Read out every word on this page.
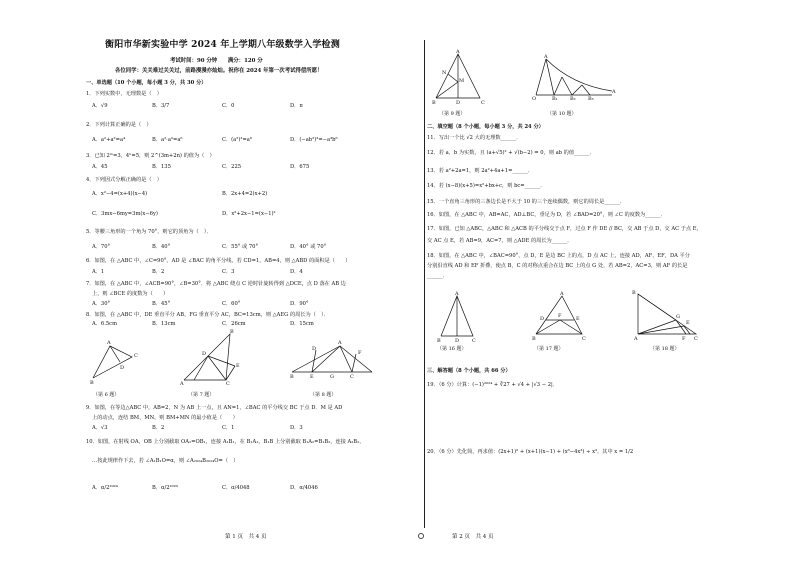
衡阳市华新实验中学 2024 年上学期八年级数学入学检测
考试时间：90 分钟　　满分：120 分
各位同学：关关难过关关过，前路漫漫亦灿灿。祝你在 2024 年第一次考试得偿所愿！
一、单选题（10 个小题，每小题 3 分，共 30 分）
1．下列实数中，无理数是（　）
A．√9	B．3/7	C．0	D．π
2．下列计算正确的是（　）
A．a²+a²=a⁴	B．a²·a³=a⁶	C．(a²)³=a⁶	D．(−ab²)³=−a³b⁶
3．已知 2ᵐ=3，4ⁿ=5，则 2^(3m+2n) 的值为（　）
A．45	B．135	C．225	D．675
4．下列因式分解正确的是（　）
A．x²−4=(x+4)(x−4)	B．2x+4=2(x+2)
C．3mx−6my=3m(x−6y)	D．x²+2x−1=(x−1)²
5．等腰三角形的一个角为 70°，则它的顶角为（　）．
A．70°	B．40°	C．55° 或 70°	D．40° 或 70°
6．如图，在 △ABC 中，∠C=90°，AD 是 ∠BAC 的角平分线，若 CD=1，AB=4，则 △ABD 的面积是（　　）
A．1	B．2	C．3	D．4
7．如图，在 △ABC 中，∠ACB=90°，∠B=30°．将 △ABC 绕点 C 逆时针旋转得到 △DCE，点 D 落在 AB 边
上，则 ∠BCE 的度数为（　　）
A．30°	B．45°	C．60°	D．90°
8．如图，在 △ABC 中，DE 垂直平分 AB，FG 垂直平分 AC，BC=13cm，则 △AEG 的周长为（　）．
A．6.5cm	B．13cm	C．26cm	D．15cm
B
A
C
D
（第 6 题）
A
B
C
D
E
（第 7 题）
B	E	G	C
A
D
F
（第 8 题）
9．如图，在等边△ABC 中，AB=2，N 为 AB 上一点，且 AN=1，∠BAC 的平分线交 BC 于点 D．M 是 AD
上的动点，连结 BM、MN，则 BM+MN 的最小值是（　　）
A．√3	B．2	C．1	D．3
10．如图，在射线 OA，OB 上分别截取 OA₁=OB₁，连接 A₁B₁，在 B₁A₁，B₁B 上分别截取 B₁A₂=B₁B₂，连接 A₂B₂，
…按此规律作下去，若 ∠A₁B₁O=α，则 ∠A₂₀₂₄B₂₀₂₄O=（　）
A．α/2²⁰²⁴	B．α/2²⁰²³	C．α/4048	D．α/4046
第 1 页　共 4 页
B
A
C
D
M
N
（第 9 题）
O
A
B₁ B₂ B₃
A
（第 10 题）
二、填空题（8 个小题，每小题 3 分，共 24 分）
11．写出一个比 √2 大的无理数______．
12．若 a，b 为实数，且 (a+√5)² + √(b−2) = 0，则 ab 的值______．
13．若 a²+2a=1，则 2a²+4a+1=______．
14．若 (x−8)(x+5)=x²+bx+c，则 bc=______．
15．一个直角三角形的三条边长是不大于 10 的三个连续偶数，则它的周长是______．
16．如图，在 △ABC 中，AB=AC，AD⊥BC，垂足为 D，若 ∠BAD=20°，则 ∠C 的度数为______．
17．如图，已知 △ABC，△ABC 和 △ACB 的平分线交于点 F，过点 F 作 DE // BC，交 AB 于点 D，交 AC 于点 E，
交 AC 点 E，若 AB=9，AC=7，则 △ADE 的周长为______．
18．如图，在 △ABC 中，∠BAC=90°，点 D，E 是边 BC 上的点，D 点 AC 上，连接 AD，AF，EF，DA 平分
分别沿直线 AD 和 EF 折叠，使点 B，C 的对称点重合在边 BC 上的点 G 处，若 AB=2，AC=3，则 AF 的长是
______．
B
A
C
D
（第 16 题）
B
A
C
D	E
F
（第 17 题）
B
A	C
G
E
F
（第 18 题）
三、解答题（8 个小题，共 66 分）
19．（6 分）计算：(−1)²⁰²⁴ + ∛27 + √4 + |√3 − 2|．
20．（6 分）先化简，再求值：(2x+1)² + (x+1)(x−1) + (x⁶−4x³) ÷ x³，其中 x = 1/2
第 2 页　共 4 页
